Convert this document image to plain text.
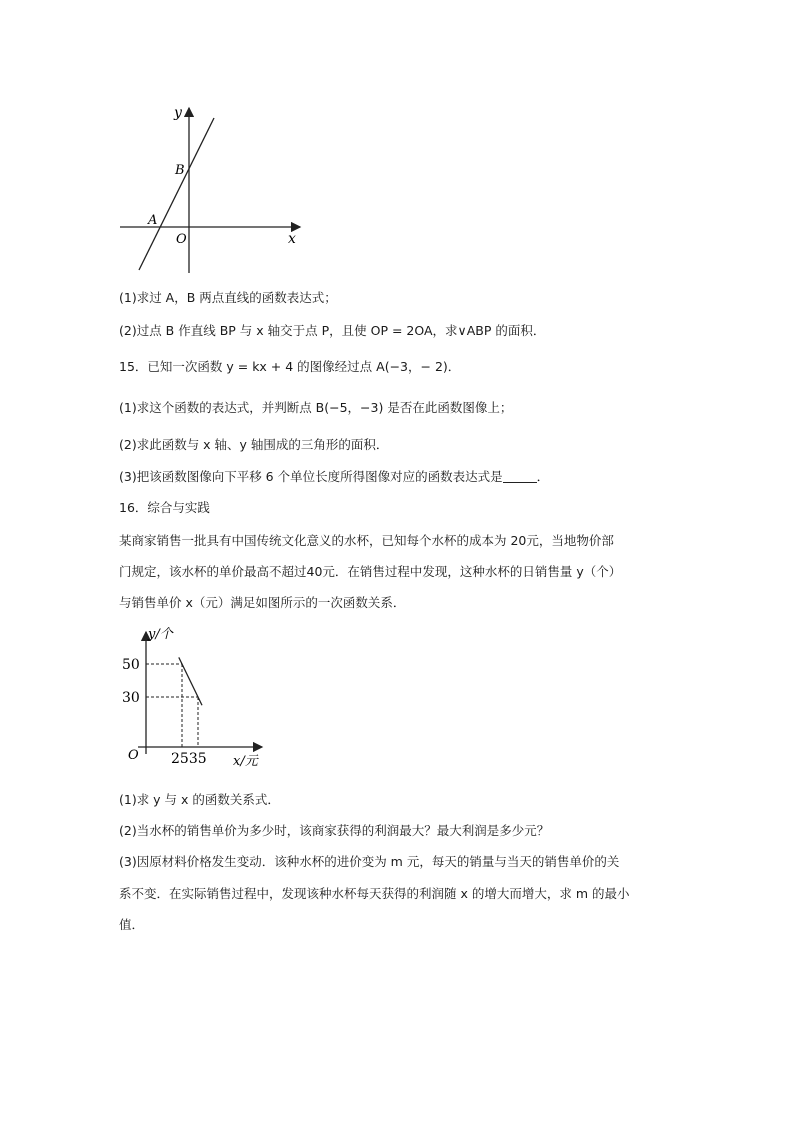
y
x
O
A
B
(1)求过 A，B 两点直线的函数表达式；
(2)过点 B 作直线 BP 与 x 轴交于点 P，且使 OP = 2OA，求∨ABP 的面积．
15．已知一次函数 y = kx + 4 的图像经过点 A(−3，− 2)．
(1)求这个函数的表达式，并判断点 B(−5，−3) 是否在此函数图像上；
(2)求此函数与 x 轴、y 轴围成的三角形的面积．
(3)把该函数图像向下平移 6 个单位长度所得图像对应的函数表达式是	．
16．综合与实践
某商家销售一批具有中国传统文化意义的水杯，已知每个水杯的成本为 20元，当地物价部
门规定，该水杯的单价最高不超过40元．在销售过程中发现，这种水杯的日销售量 y（个）
与销售单价 x（元）满足如图所示的一次函数关系．
y/个
x/元
O
50
30
2535
(1)求 y 与 x 的函数关系式．
(2)当水杯的销售单价为多少时，该商家获得的利润最大？最大利润是多少元？
(3)因原材料价格发生变动．该种水杯的进价变为 m 元，每天的销量与当天的销售单价的关
系不变．在实际销售过程中，发现该种水杯每天获得的利润随 x 的增大而增大，求 m 的最小
值．
